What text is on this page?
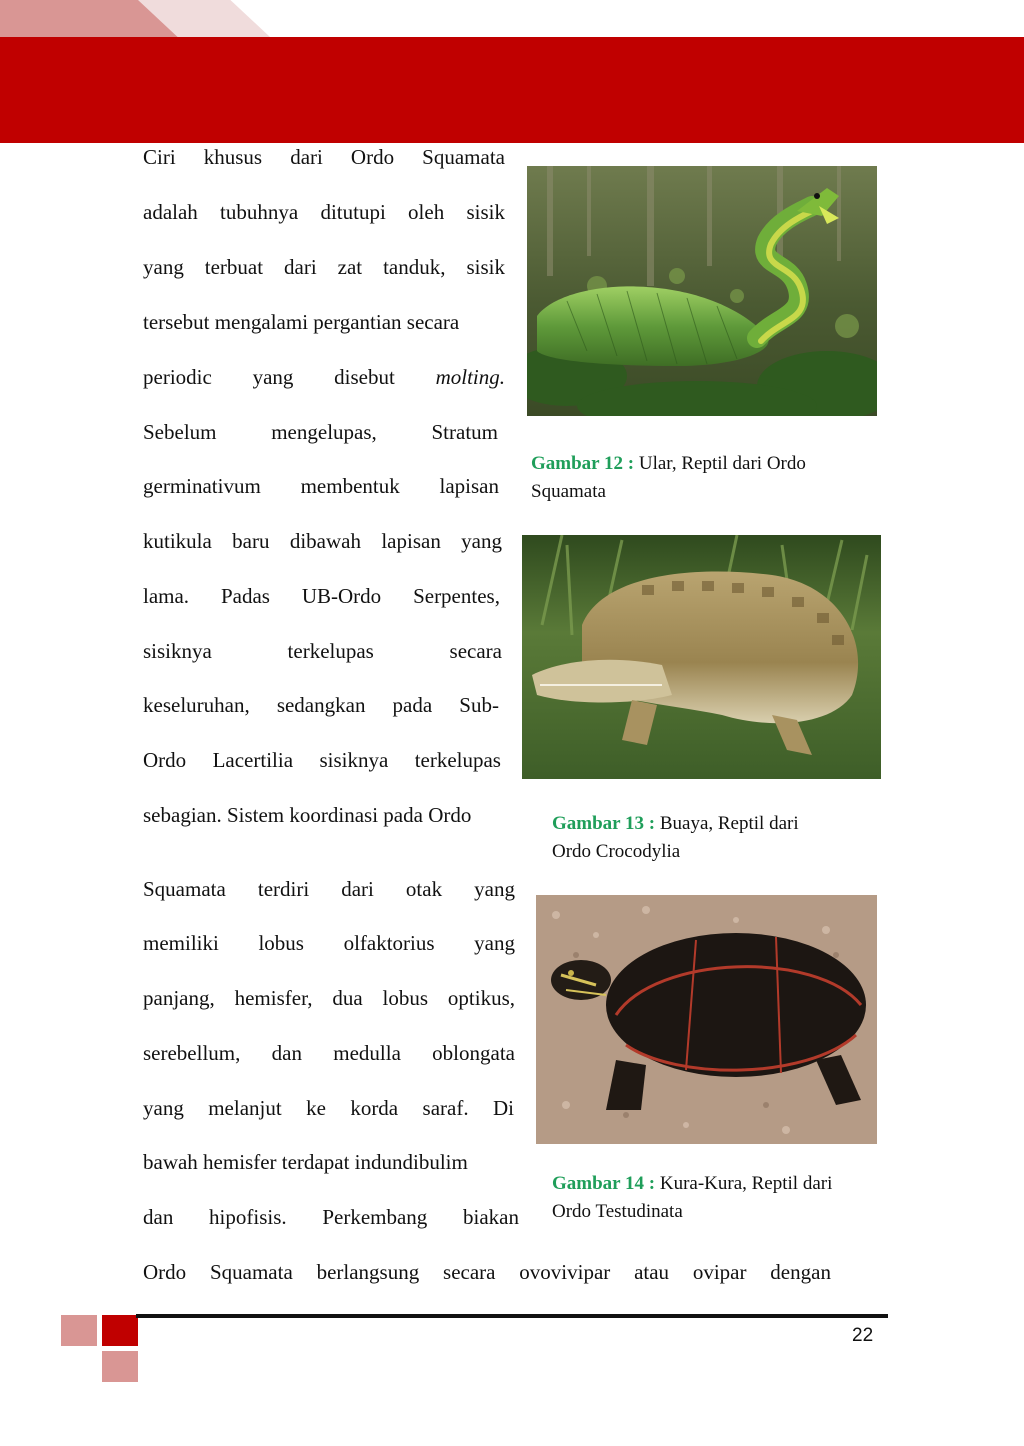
Ciri khusus dari Ordo Squamata
adalah tubuhnya ditutupi oleh sisik
yang terbuat dari zat tanduk, sisik
tersebut mengalami pergantian secara
periodic yang disebut molting.
Sebelum	mengelupas,	Stratum
germinativum membentuk lapisan
kutikula baru dibawah lapisan yang
lama. Padas UB-Ordo Serpentes,
sisiknya	terkelupas	secara
keseluruhan, sedangkan pada Sub-
Ordo Lacertilia sisiknya terkelupas
sebagian. Sistem koordinasi pada Ordo
Squamata terdiri dari otak yang
memiliki lobus olfaktorius yang
panjang, hemisfer, dua lobus optikus,
serebellum, dan medulla oblongata
yang melanjut ke korda saraf. Di
bawah hemisfer terdapat indundibulim
dan hipofisis. Perkembang biakan
Ordo Squamata berlangsung secara ovovivipar atau ovipar dengan
Gambar 12 : Ular, Reptil dari Ordo
Squamata
Gambar 13 : Buaya, Reptil dari
Ordo Crocodylia
Gambar 14 : Kura-Kura, Reptil dari
Ordo Testudinata
22
